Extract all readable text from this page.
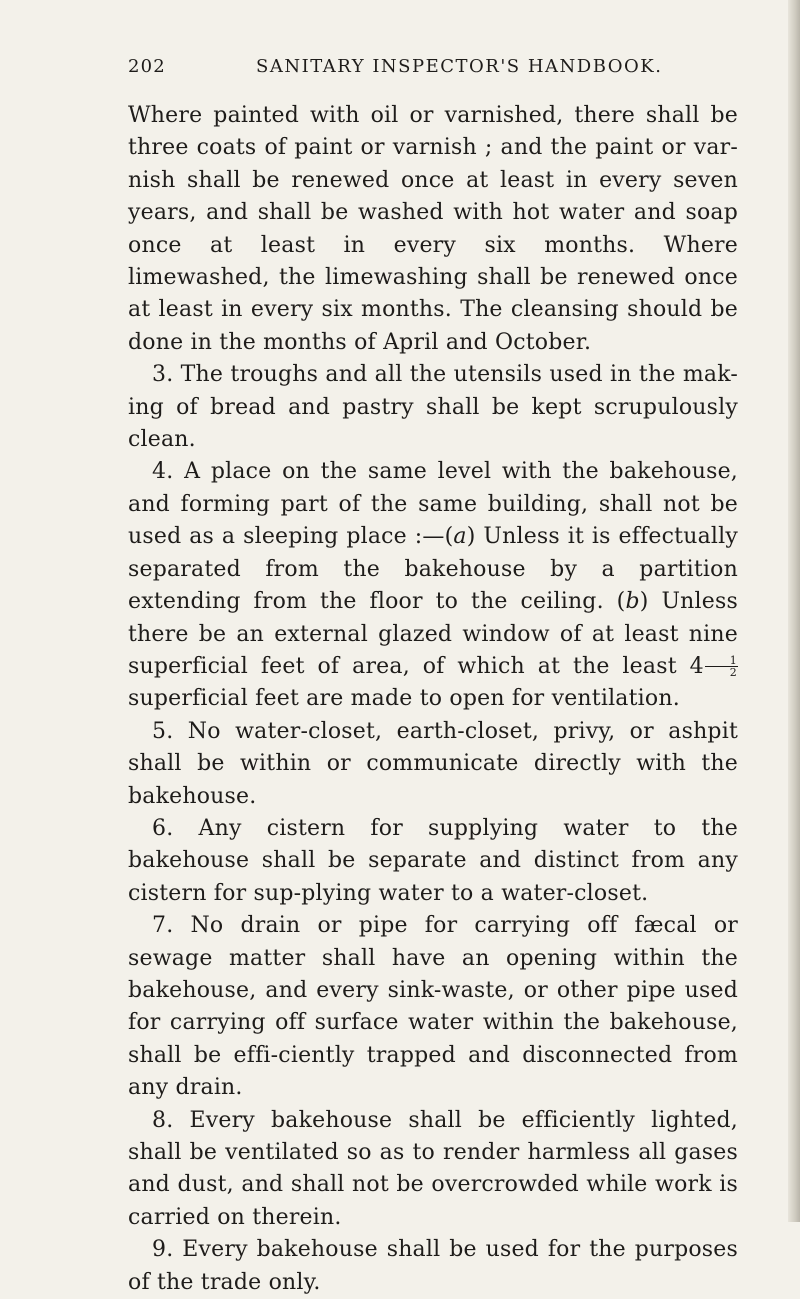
202	SANITARY INSPECTOR'S HANDBOOK.

Where painted with oil or varnished, there shall be three coats of paint or varnish ; and the paint or var-nish shall be renewed once at least in every seven years, and shall be washed with hot water and soap once at least in every six months. Where limewashed, the limewashing shall be renewed once at least in every six months. The cleansing should be done in the months of April and October.

3. The troughs and all the utensils used in the mak-ing of bread and pastry shall be kept scrupulously clean.

4. A place on the same level with the bakehouse, and forming part of the same building, shall not be used as a sleeping place :—(a) Unless it is effectually separated from the bakehouse by a partition extending from the floor to the ceiling. (b) Unless there be an external glazed window of at least nine superficial feet of area, of which at the least $4 \frac{1}{2}$
superficial feet are made to open for ventilation.

5. No water-closet, earth-closet, privy, or ashpit shall be within or communicate directly with the bakehouse.

6. Any cistern for supplying water to the bakehouse shall be separate and distinct from any cistern for sup-plying water to a water-closet.

7. No drain or pipe for carrying off fæcal or sewage matter shall have an opening within the bakehouse, and every sink-waste, or other pipe used for carrying off surface water within the bakehouse, shall be effi-ciently trapped and disconnected from any drain.

8. Every bakehouse shall be efficiently lighted, shall be ventilated so as to render harmless all gases and dust, and shall not be overcrowded while work is carried on therein.

9. Every bakehouse shall be used for the purposes of the trade only.
